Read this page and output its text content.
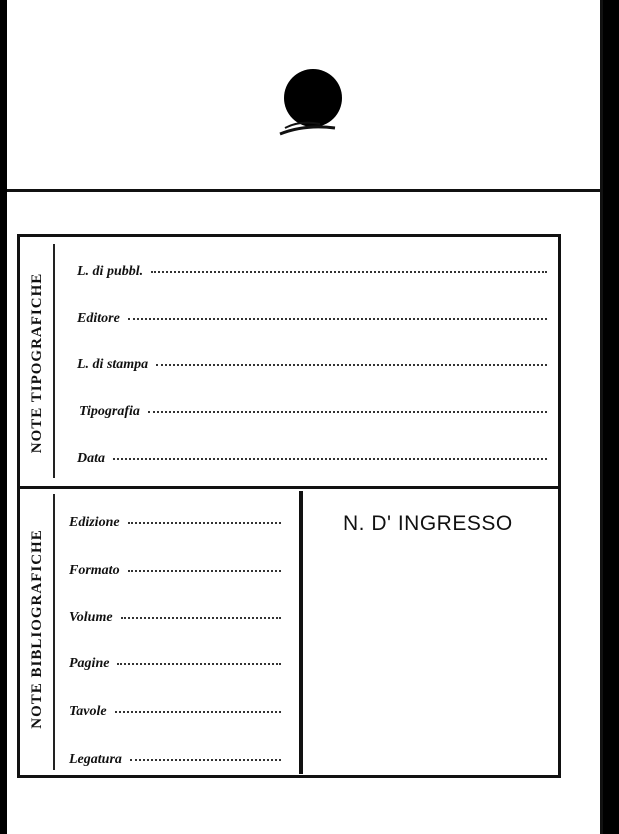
NOTE TIPOGRAFICHE
NOTE BIBLIOGRAFICHE
L. di pubbl.
Editore
L. di stampa
Tipografia
Data
Edizione
Formato
Volume
Pagine
Tavole
Legatura
N. D' INGRESSO
